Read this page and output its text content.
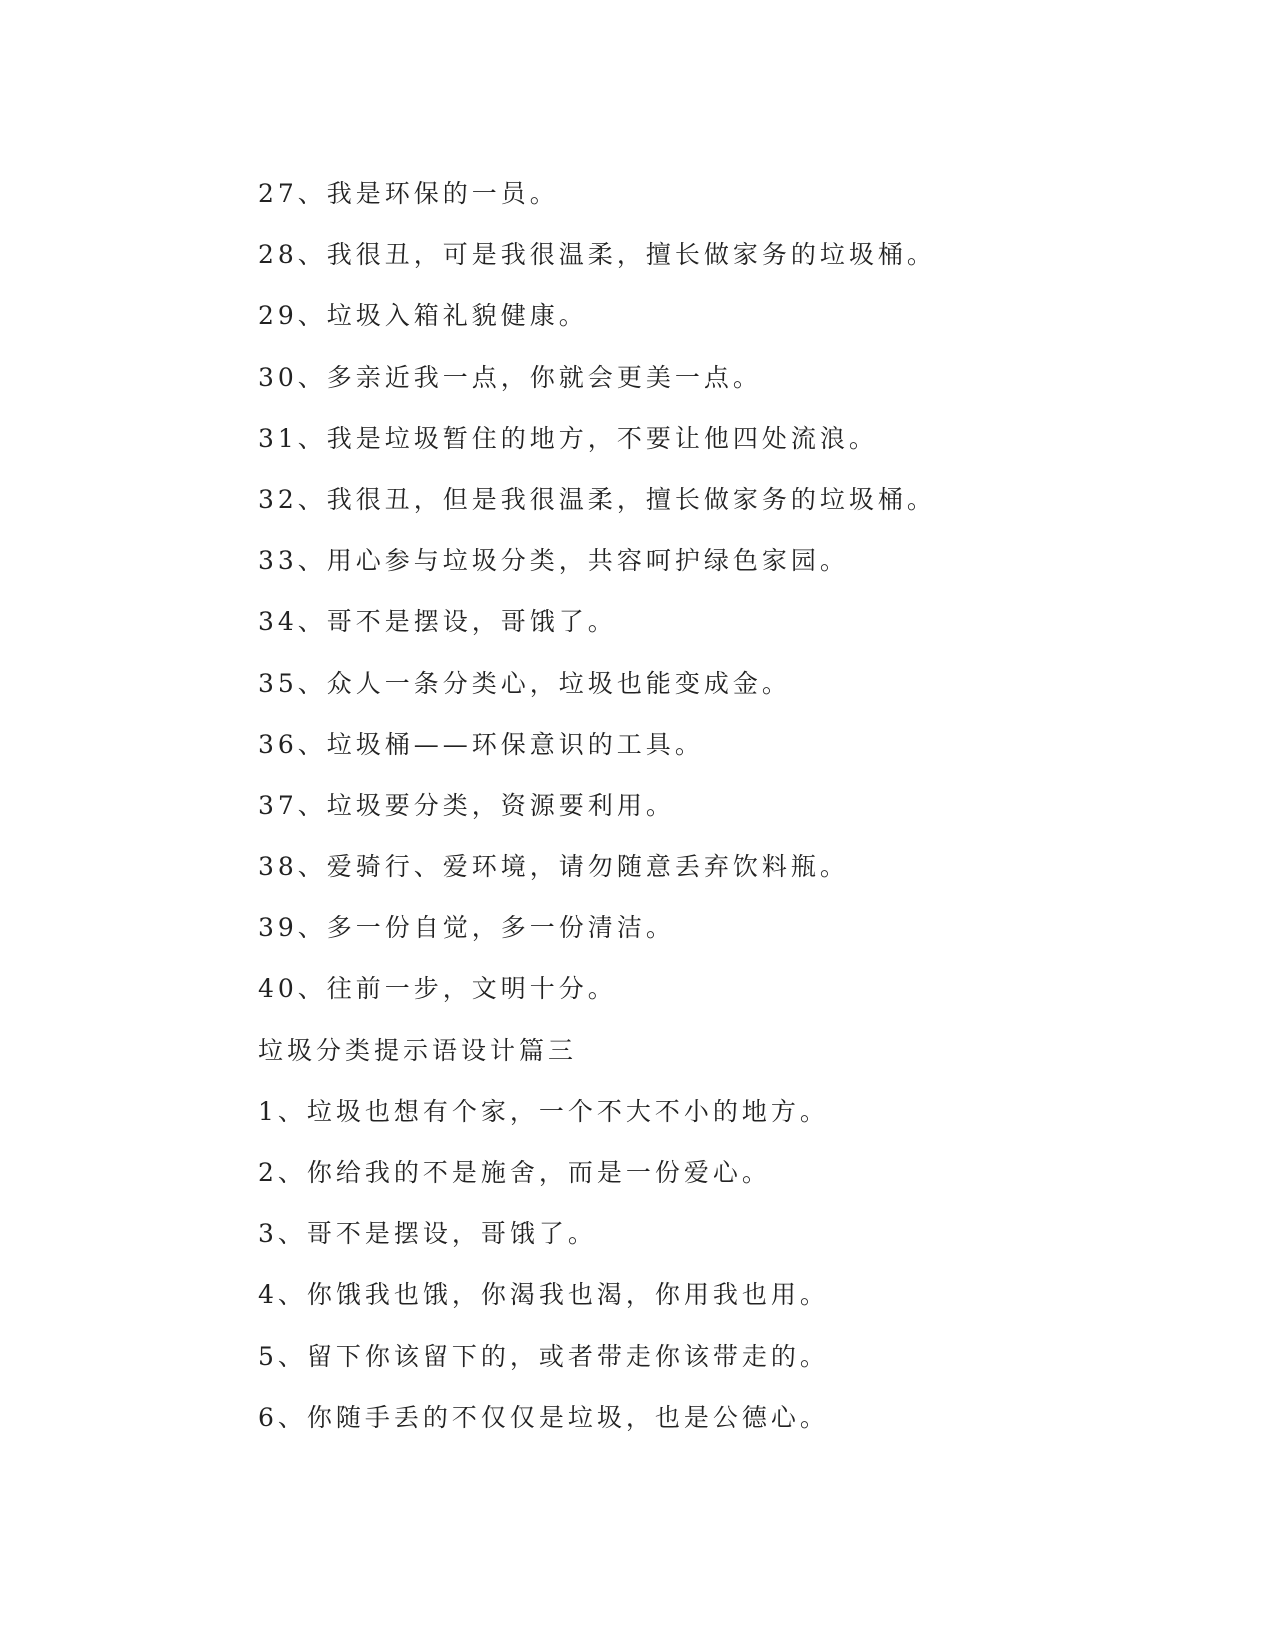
27、我是环保的一员。
28、我很丑，可是我很温柔，擅长做家务的垃圾桶。
29、垃圾入箱礼貌健康。
30、多亲近我一点，你就会更美一点。
31、我是垃圾暂住的地方，不要让他四处流浪。
32、我很丑，但是我很温柔，擅长做家务的垃圾桶。
33、用心参与垃圾分类，共容呵护绿色家园。
34、哥不是摆设，哥饿了。
35、众人一条分类心，垃圾也能变成金。
36、垃圾桶——环保意识的工具。
37、垃圾要分类，资源要利用。
38、爱骑行、爱环境，请勿随意丢弃饮料瓶。
39、多一份自觉，多一份清洁。
40、往前一步，文明十分。
垃圾分类提示语设计篇三
1、垃圾也想有个家，一个不大不小的地方。
2、你给我的不是施舍，而是一份爱心。
3、哥不是摆设，哥饿了。
4、你饿我也饿，你渴我也渴，你用我也用。
5、留下你该留下的，或者带走你该带走的。
6、你随手丢的不仅仅是垃圾，也是公德心。
